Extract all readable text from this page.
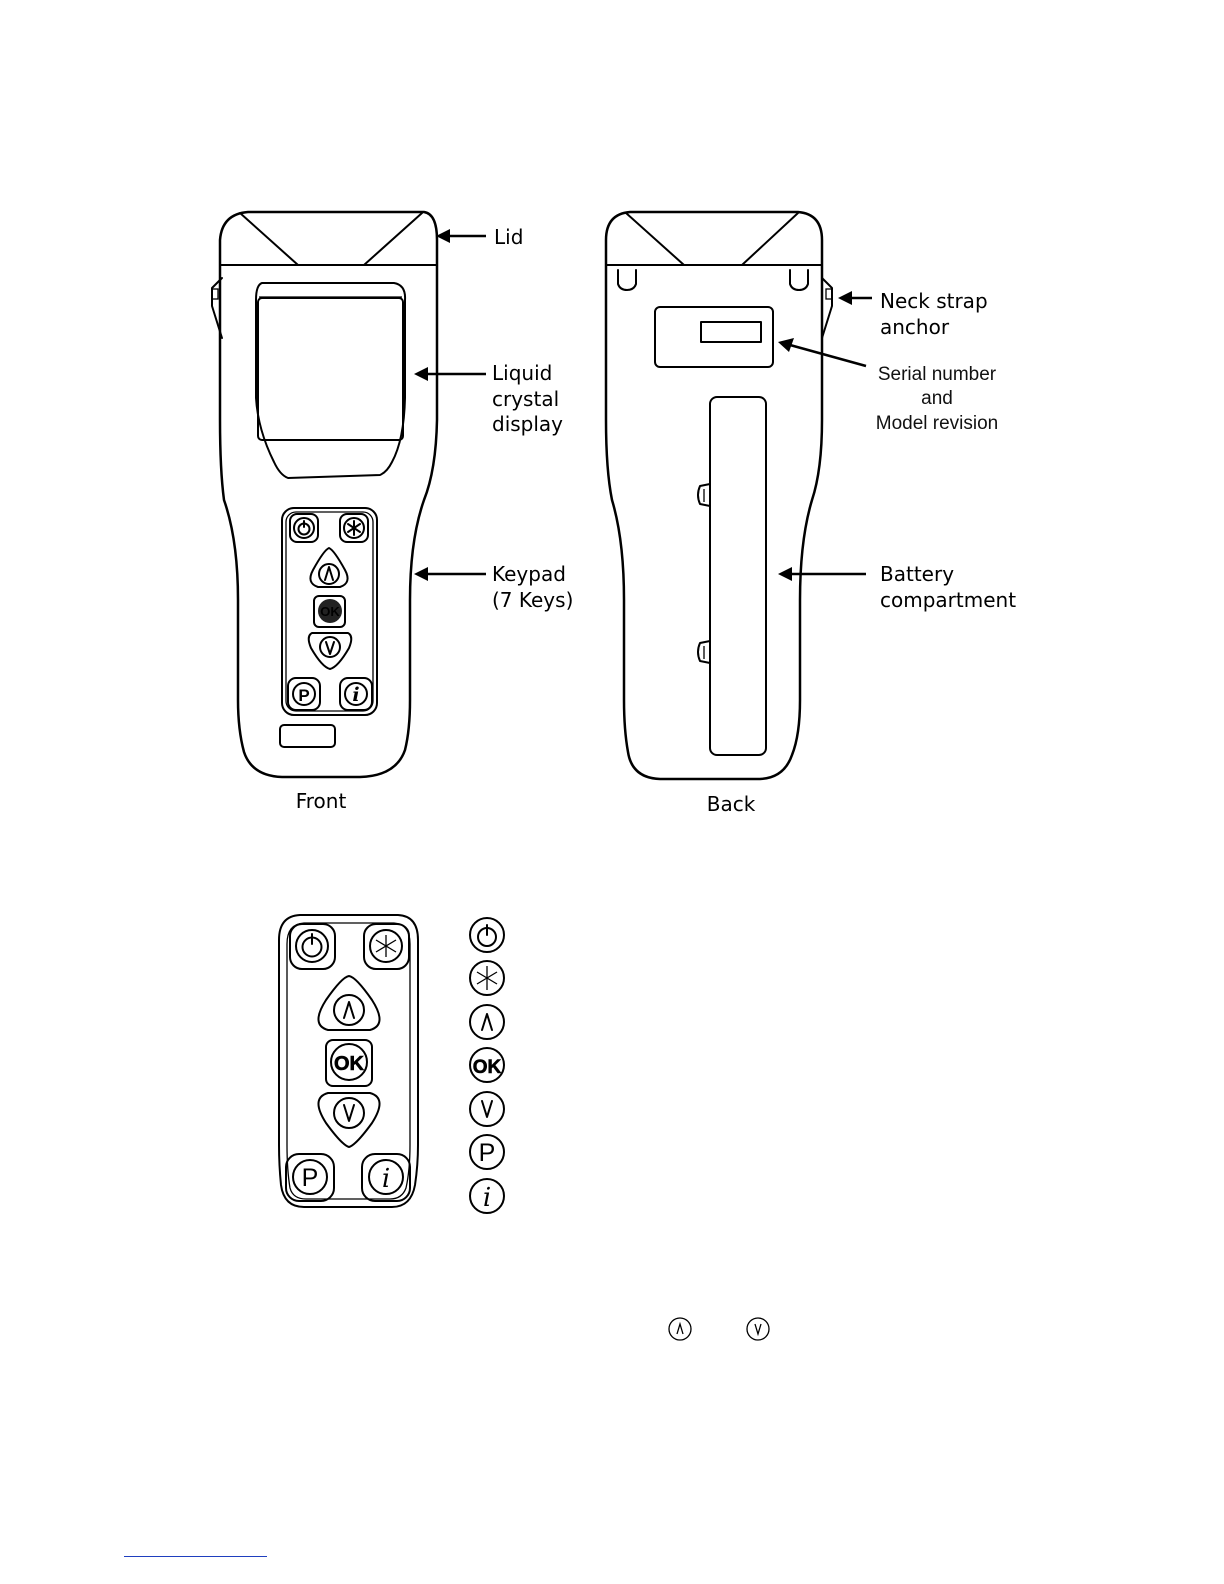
OK
P i
Lid
Liquid
crystal
display
Keypad
(7 Keys)
Front
Neck strap
anchor
Serial number
and
Model revision
Battery
compartment
Back
OK
P i
OK
P
i
